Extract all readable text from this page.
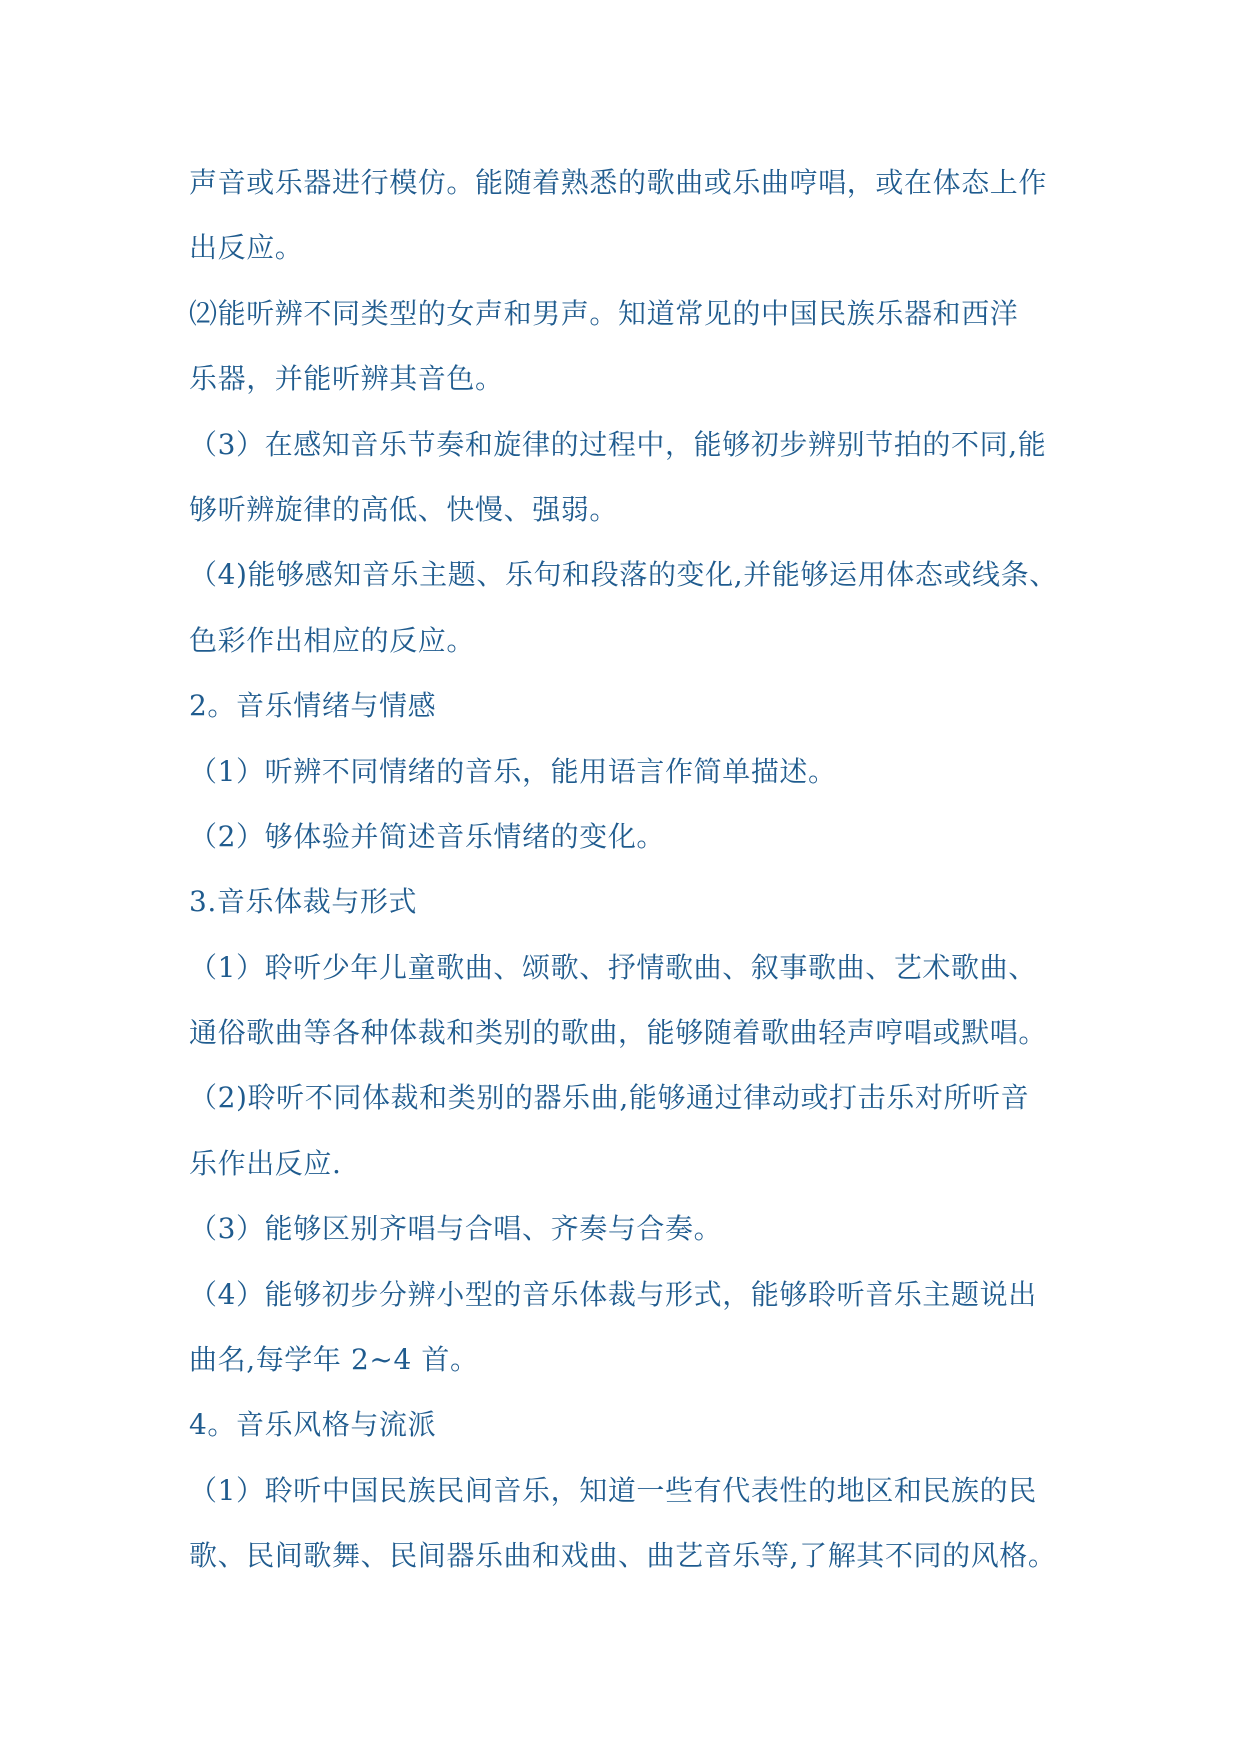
声音或乐器进行模仿。能随着熟悉的歌曲或乐曲哼唱，或在体态上作
出反应。
⑵能听辨不同类型的女声和男声。知道常见的中国民族乐器和西洋
乐器，并能听辨其音色。
（3）在感知音乐节奏和旋律的过程中，能够初步辨别节拍的不同,能
够听辨旋律的高低、快慢、强弱。
（4)能够感知音乐主题、乐句和段落的变化,并能够运用体态或线条、
色彩作出相应的反应。
2。音乐情绪与情感
（1）听辨不同情绪的音乐，能用语言作简单描述。
（2）够体验并简述音乐情绪的变化。
3.音乐体裁与形式
（1）聆听少年儿童歌曲、颂歌、抒情歌曲、叙事歌曲、艺术歌曲、
通俗歌曲等各种体裁和类别的歌曲，能够随着歌曲轻声哼唱或默唱。
（2)聆听不同体裁和类别的器乐曲,能够通过律动或打击乐对所听音
乐作出反应.
（3）能够区别齐唱与合唱、齐奏与合奏。
（4）能够初步分辨小型的音乐体裁与形式，能够聆听音乐主题说出
曲名,每学年 2~4 首。
4。音乐风格与流派
（1）聆听中国民族民间音乐，知道一些有代表性的地区和民族的民
歌、民间歌舞、民间器乐曲和戏曲、曲艺音乐等,了解其不同的风格。
